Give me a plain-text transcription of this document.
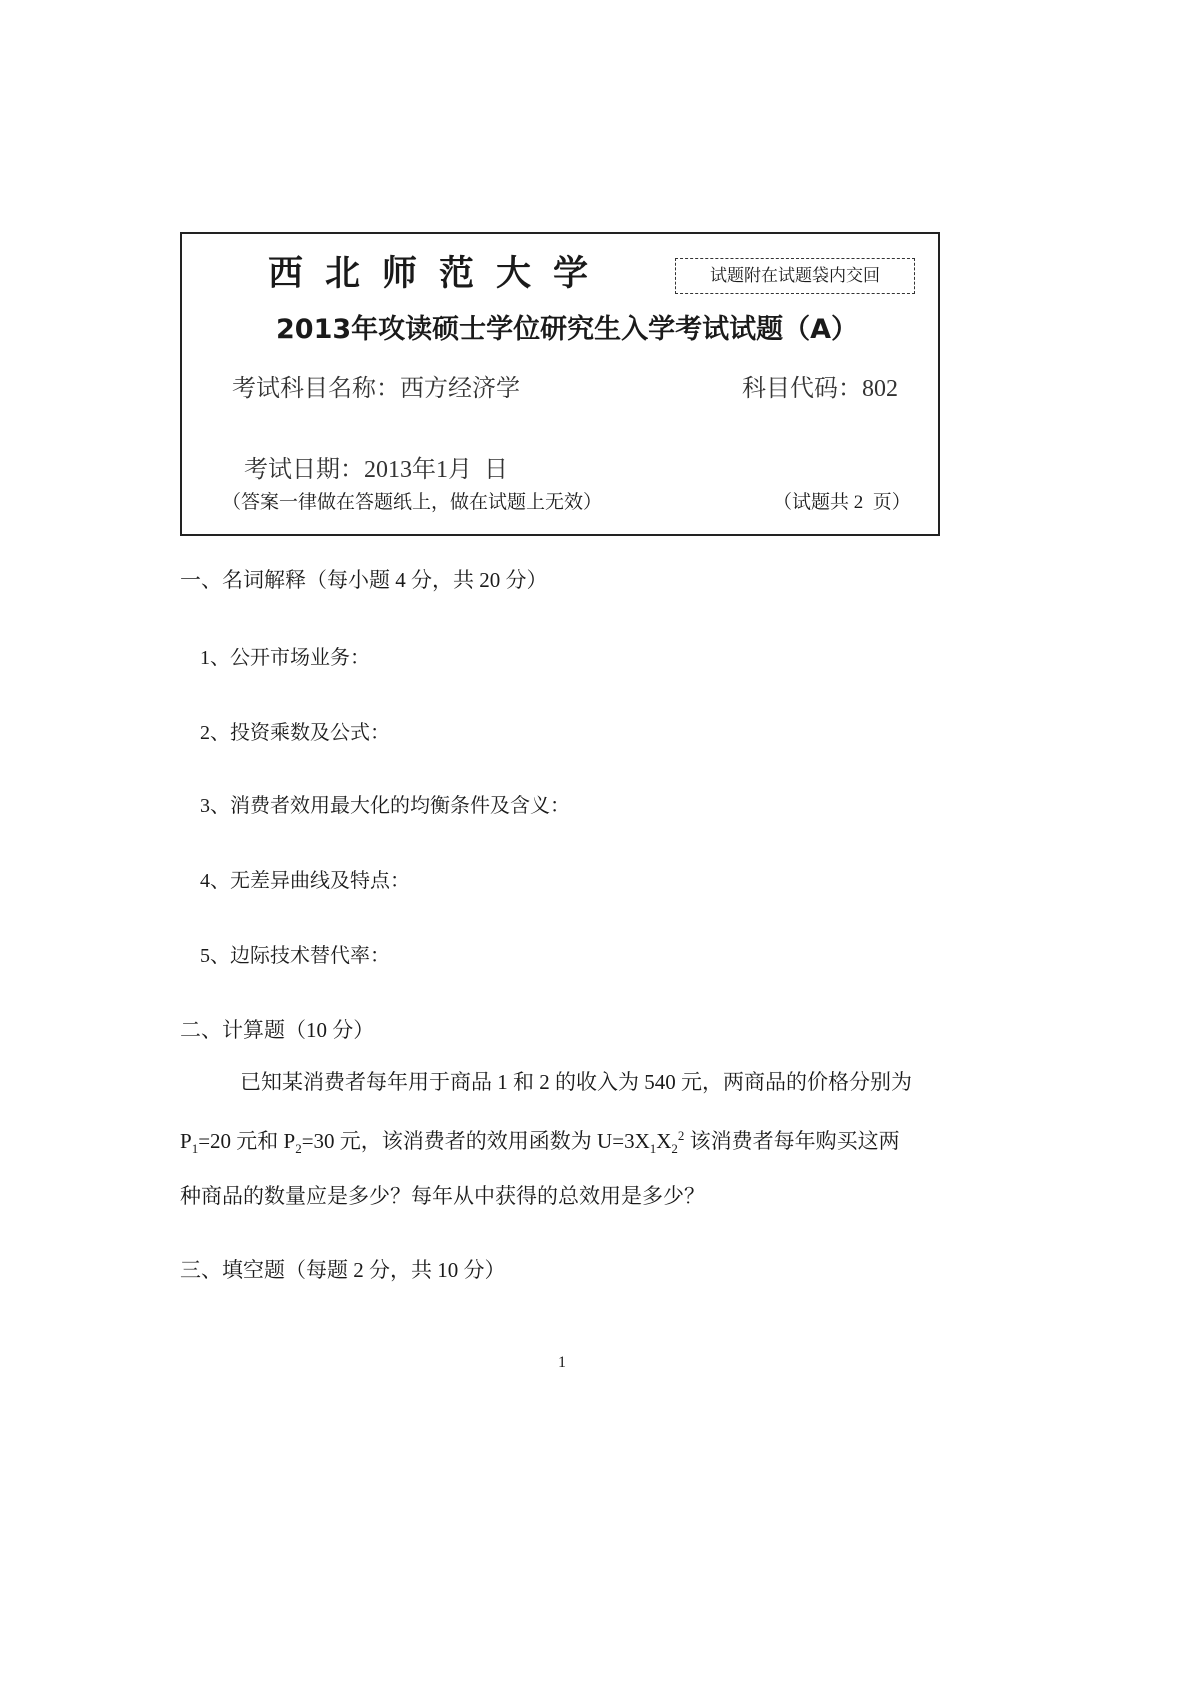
西北师范大学	试题附在试题袋内交回
2013年攻读硕士学位研究生入学考试试题（A）
考试科目名称：西方经济学	科目代码：802

考试日期：2013年1月  日

（答案一律做在答题纸上，做在试题上无效）	（试题共 2  页）
一、名词解释（每小题 4 分，共 20 分）
1、公开市场业务：
2、投资乘数及公式：
3、消费者效用最大化的均衡条件及含义：
4、无差异曲线及特点：
5、边际技术替代率：
二、计算题（10 分）
已知某消费者每年用于商品 1 和 2 的收入为 540 元，两商品的价格分别为
$P_1=20$ 元和 $P_2=30$ 元，该消费者的效用函数为 $U=3X_1X_2^2$ 该消费者每年购买这两
种商品的数量应是多少？每年从中获得的总效用是多少？
三、填空题（每题 2 分，共 10 分）
1
